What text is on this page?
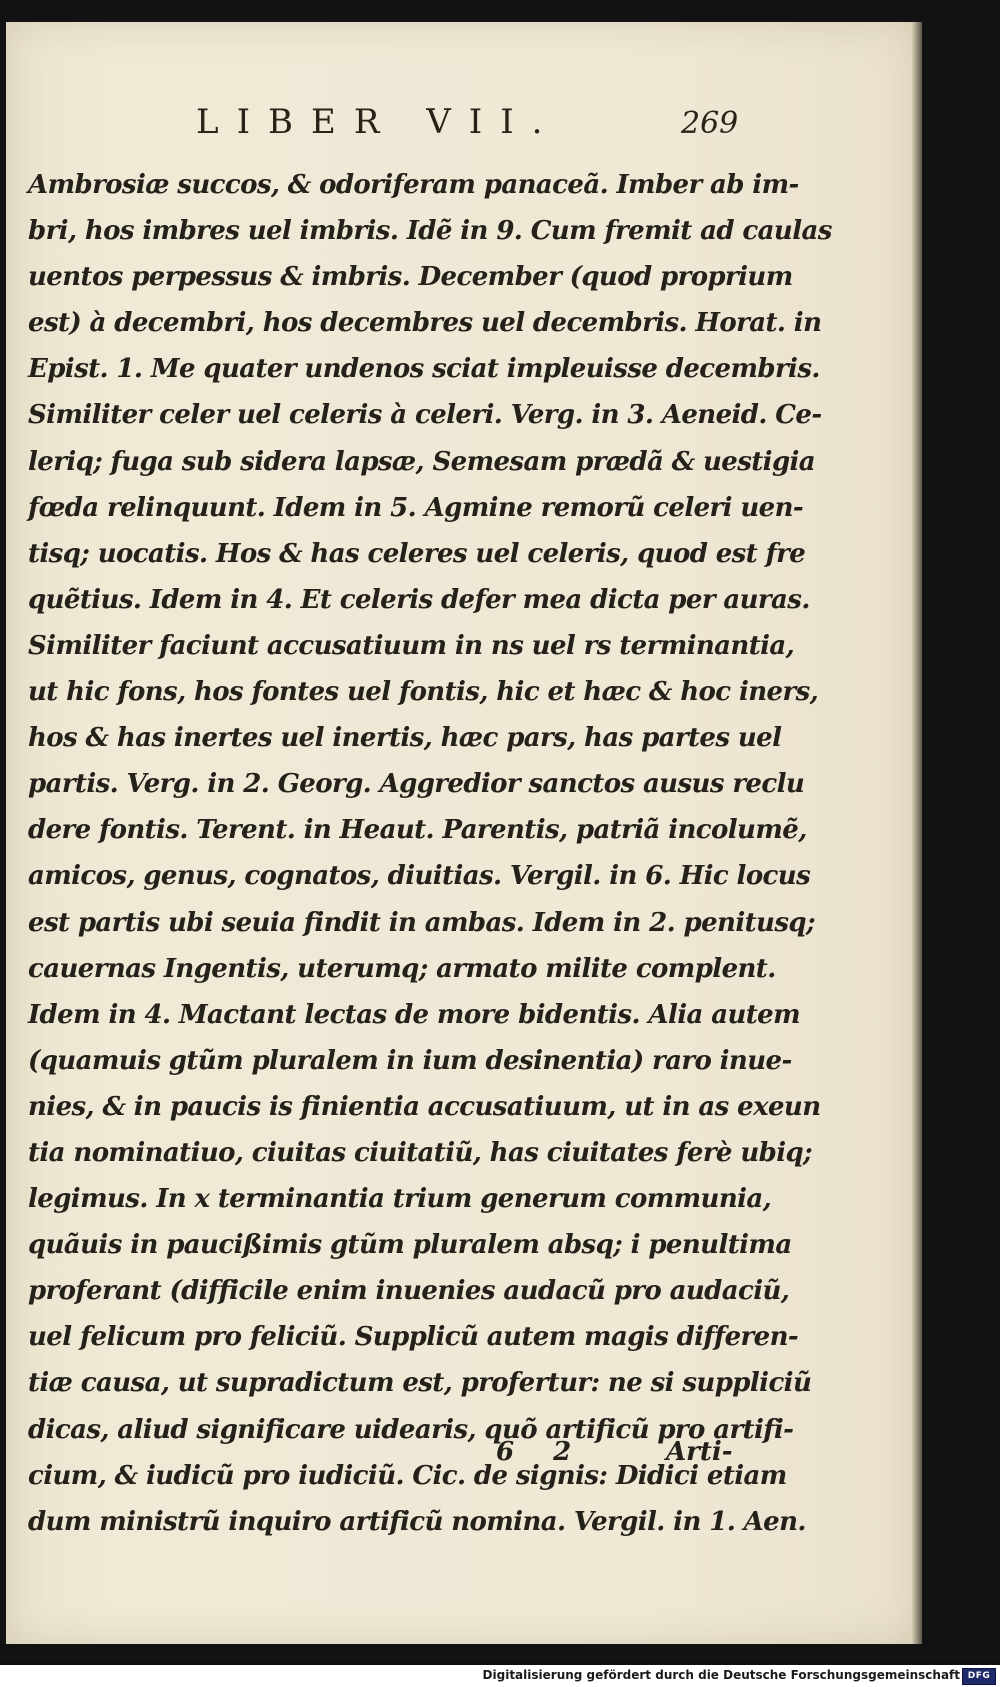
LIBER VII.	269
Ambrosiæ succos, & odoriferam panaceã. Imber ab im-
bri, hos imbres uel imbris. Idẽ in 9. Cum fremit ad caulas
uentos perpessus & imbris. December (quod proprium
est) à decembri, hos decembres uel decembris. Horat. in
Epist. 1. Me quater undenos sciat impleuisse decembris.
Similiter celer uel celeris à celeri. Verg. in 3. Aeneid. Ce-
leriq; fuga sub sidera lapsæ, Semesam prædã & uestigia
fœda relinquunt. Idem in 5. Agmine remorũ celeri uen-
tisq; uocatis. Hos & has celeres uel celeris, quod est fre
quẽtius. Idem in 4. Et celeris defer mea dicta per auras.
Similiter faciunt accusatiuum in ns uel rs terminantia,
ut hic fons, hos fontes uel fontis, hic et hæc & hoc iners,
hos & has inertes uel inertis, hæc pars, has partes uel
partis. Verg. in 2. Georg. Aggredior sanctos ausus reclu
dere fontis. Terent. in Heaut. Parentis, patriã incolumẽ,
amicos, genus, cognatos, diuitias. Vergil. in 6. Hic locus
est partis ubi seuia findit in ambas. Idem in 2. penitusq;
cauernas Ingentis, uterumq; armato milite complent.
Idem in 4. Mactant lectas de more bidentis. Alia autem
(quamuis gtũm pluralem in ium desinentia) raro inue-
nies, & in paucis is finientia accusatiuum, ut in as exeun
tia nominatiuo, ciuitas ciuitatiũ, has ciuitates ferè ubiq;
legimus. In x terminantia trium generum communia,
quãuis in paucißimis gtũm pluralem absq; i penultima
proferant (difficile enim inuenies audacũ pro audaciũ,
uel felicum pro feliciũ. Supplicũ autem magis differen-
tiæ causa, ut supradictum est, profertur: ne si suppliciũ
dicas, aliud significare uidearis, quõ artificũ pro artifi-
cium, & iudicũ pro iudiciũ. Cic. de signis: Didici etiam
dum ministrũ inquiro artificũ nomina. Vergil. in 1. Aen.
6 2	Arti-
Digitalisierung gefördert durch die Deutsche Forschungsgemeinschaft DFG
